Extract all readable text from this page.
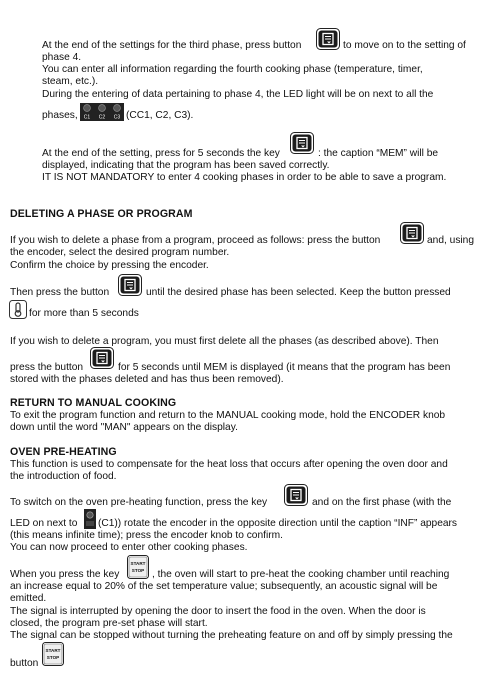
At the end of the settings for the third phase, press button	to move on to the setting of
phase 4.
You can enter all information regarding the fourth cooking phase (temperature, timer,
steam, etc.).
During the entering of data pertaining to phase 4, the LED light will be on next to all the
phases, C1 C2 C3 (CC1, C2, C3).
At the end of the setting, press for 5 seconds the key	: the caption “MEM” will be
displayed, indicating that the program has been saved correctly.
IT IS NOT MANDATORY to enter 4 cooking phases in order to be able to save a program.
DELETING A PHASE OR PROGRAM
If you wish to delete a phase from a program, proceed as follows: press the button	and, using
the encoder, select the desired program number.
Confirm the choice by pressing the encoder.
Then press the button	until the desired phase has been selected. Keep the button pressed
for more than 5 seconds
If you wish to delete a program, you must first delete all the phases (as described above). Then
press the button	for 5 seconds until MEM is displayed (it means that the program has been
stored with the phases deleted and has thus been removed).
RETURN TO MANUAL COOKING
To exit the program function and return to the MANUAL cooking mode, hold the ENCODER knob
down until the word "MAN" appears on the display.
OVEN PRE-HEATING
This function is used to compensate for the heat loss that occurs after opening the oven door and
the introduction of food.
To switch on the oven pre-heating function, press the key	and on the first phase (with the
LED on next to (C1)) rotate the encoder in the opposite direction until the caption “INF” appears
(this means infinite time); press the encoder knob to confirm.
You can now proceed to enter other cooking phases.
When you press the key
START
STOP , the oven will start to pre-heat the cooking chamber until reaching
an increase equal to 20% of the set temperature value; subsequently, an acoustic signal will be
emitted.
The signal is interrupted by opening the door to insert the food in the oven. When the door is
closed, the program pre-set phase will start.
The signal can be stopped without turning the preheating feature on and off by simply pressing the
button
START
STOP
